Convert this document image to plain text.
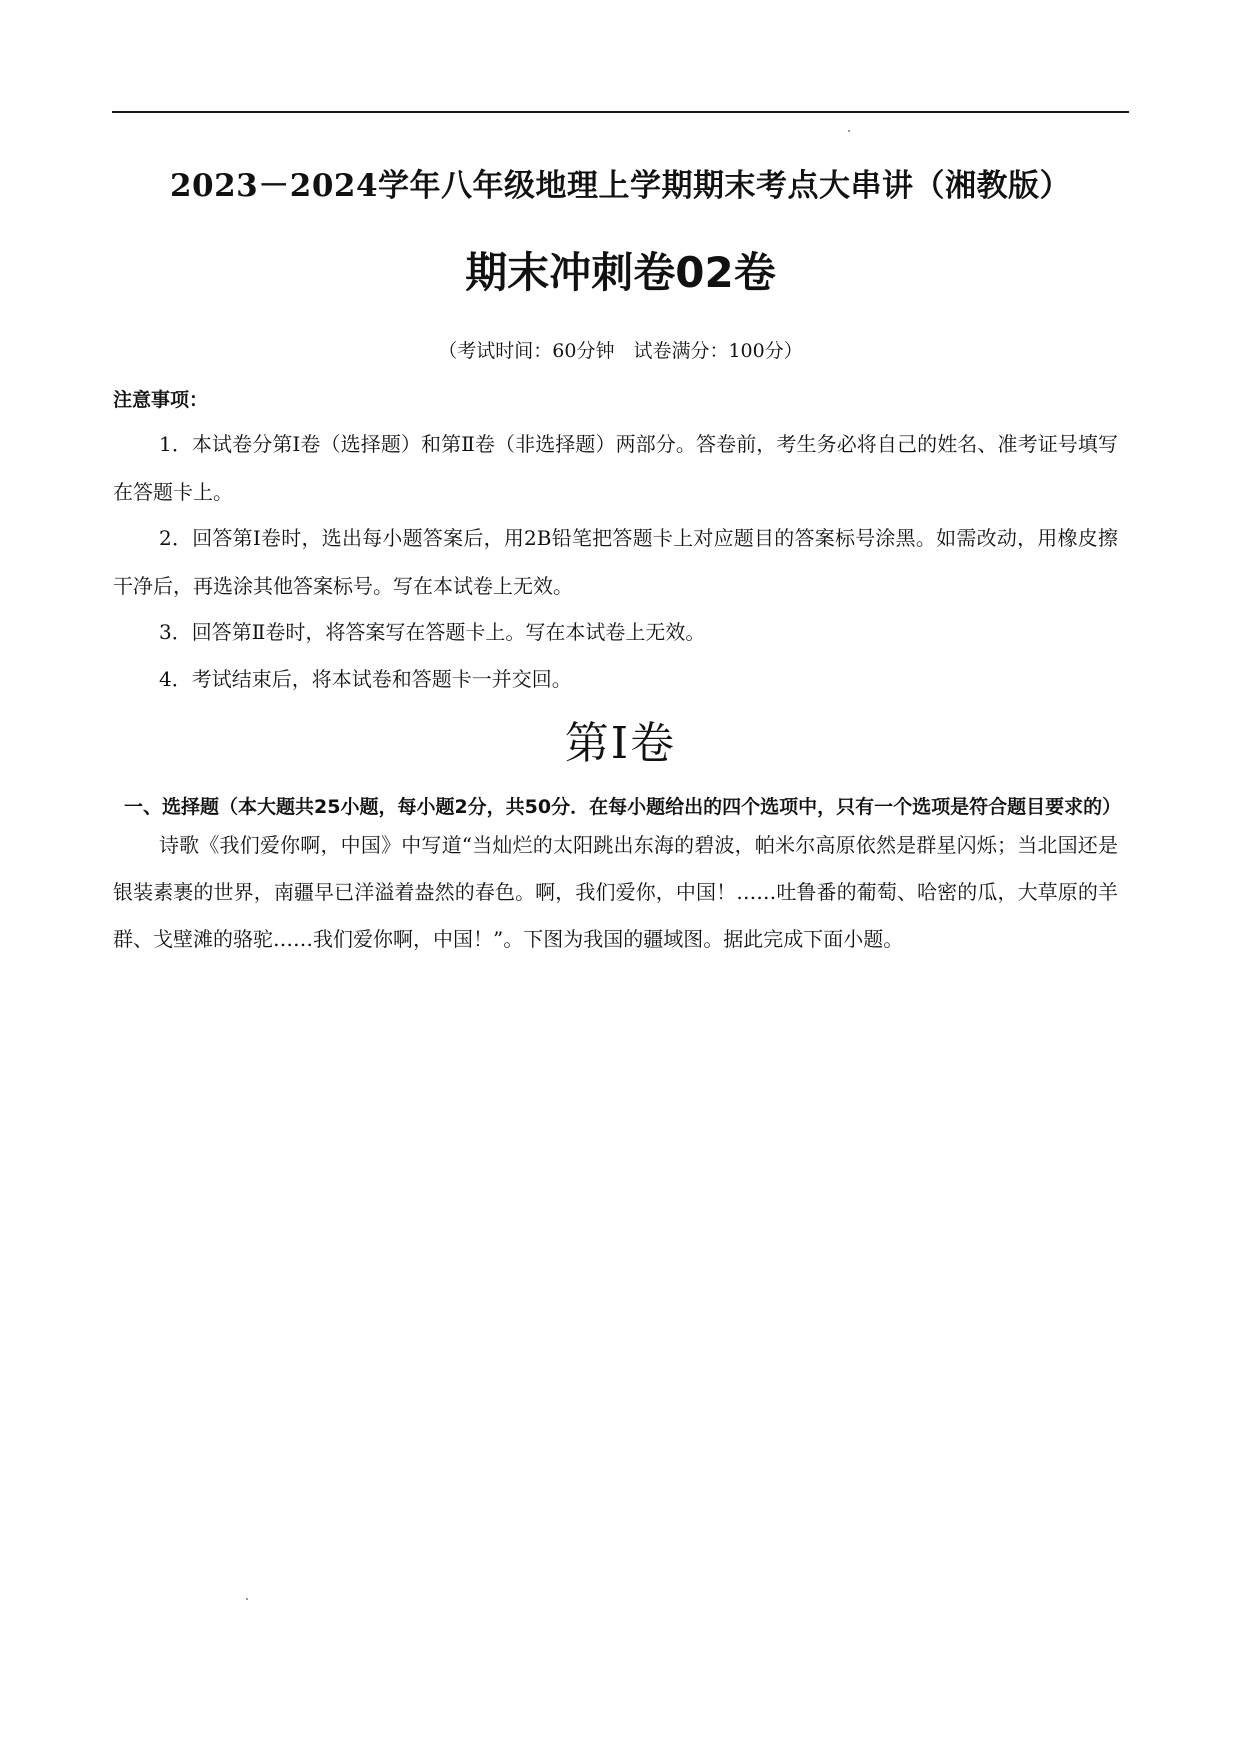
2023－2024学年八年级地理上学期期末考点大串讲（湘教版）
期末冲刺卷02卷
（考试时间：60分钟　试卷满分：100分）
注意事项：
1．本试卷分第Ⅰ卷（选择题）和第Ⅱ卷（非选择题）两部分。答卷前，考生务必将自己的姓名、准考证号填写在答题卡上。
2．回答第Ⅰ卷时，选出每小题答案后，用2B铅笔把答题卡上对应题目的答案标号涂黑。如需改动，用橡皮擦干净后，再选涂其他答案标号。写在本试卷上无效。
3．回答第Ⅱ卷时，将答案写在答题卡上。写在本试卷上无效。
4．考试结束后，将本试卷和答题卡一并交回。
第Ⅰ卷
一、选择题（本大题共25小题，每小题2分，共50分．在每小题给出的四个选项中，只有一个选项是符合题目要求的）
诗歌《我们爱你啊，中国》中写道“当灿烂的太阳跳出东海的碧波，帕米尔高原依然是群星闪烁；当北国还是银装素裹的世界，南疆早已洋溢着盎然的春色。啊，我们爱你，中国！……吐鲁番的葡萄、哈密的瓜，大草原的羊群、戈壁滩的骆驼……我们爱你啊，中国！”。下图为我国的疆域图。据此完成下面小题。
